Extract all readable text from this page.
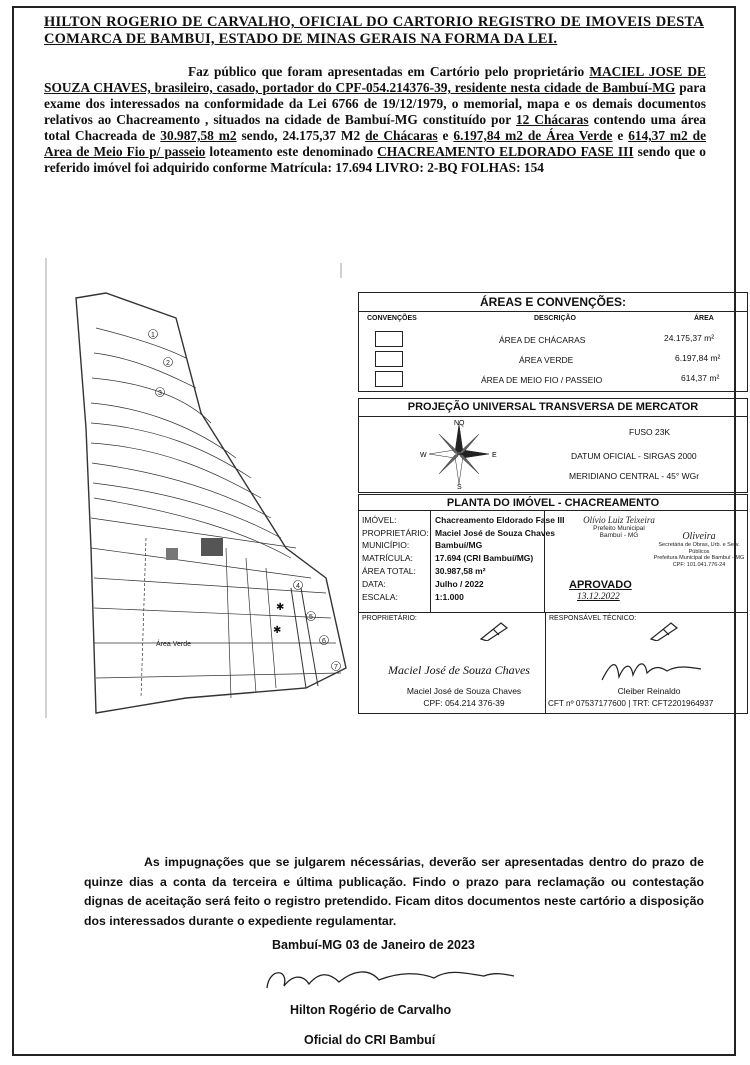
HILTON ROGERIO DE CARVALHO, OFICIAL DO CARTORIO REGISTRO DE IMOVEIS DESTA COMARCA DE BAMBUI, ESTADO DE MINAS GERAIS NA FORMA DA LEI.
Faz público que foram apresentadas em Cartório pelo proprietário MACIEL JOSE DE SOUZA CHAVES, brasileiro, casado, portador do CPF-054.214376-39, residente nesta cidade de Bambuí-MG para exame dos interessados na conformidade da Lei 6766 de 19/12/1979, o memorial, mapa e os demais documentos relativos ao Chacreamento , situados na cidade de Bambuí-MG constituído por 12 Chácaras contendo uma área total Chacreada de 30.987,58 m2 sendo, 24.175,37 M2 de Chácaras e 6.197,84 m2 de Área Verde e 614,37 m2 de Area de Meio Fio p/ passeio loteamento este denominado CHACREAMENTO ELDORADO FASE III sendo que o referido imóvel foi adquirido conforme Matrícula: 17.694 LIVRO: 2-BQ FOLHAS: 154
✱
✱
1
2
3
4
5
6
7
Área Verde
ÁREAS E CONVENÇÕES:
CONVENÇÕES	DESCRIÇÃO	ÁREA
ÁREA DE CHÁCARAS	24.175,37 m²
ÁREA VERDE	6.197,84 m²
ÁREA DE MEIO FIO / PASSEIO	614,37 m²
PROJEÇÃO UNIVERSAL TRANSVERSA DE MERCATOR
NQ
S
E
W
FUSO 23K
DATUM OFICIAL - SIRGAS 2000
MERIDIANO CENTRAL - 45° WGr
PLANTA DO IMÓVEL - CHACREAMENTO
IMÓVEL:	Chacreamento Eldorado Fase III
PROPRIETÁRIO: Maciel José de Souza Chaves
MUNICÍPIO:	Bambuí/MG
MATRÍCULA:	17.694 (CRI Bambuí/MG)
ÁREA TOTAL: 30.987,58 m²
DATA:	Julho / 2022
ESCALA:	1:1.000
APROVADO
13.12.2022
Olívio Luiz Teixeira
Prefeito Municipal
Bambuí - MG	Oliveira
Secretária de Obras, Urb. e Serv. Públicos
Prefeitura Municipal de Bambuí - MG
CPF: 101.041.776-24
PROPRIETÁRIO:	RESPONSÁVEL TÉCNICO:
Maciel José de Souza Chaves
Maciel José de Souza Chaves
CPF: 054.214 376-39
Cleiber Reinaldo
CFT nº 07537177600 | TRT: CFT2201964937
As impugnações que se julgarem nécessárias, deverão ser apresentadas dentro do prazo de quinze dias a conta da terceira e última publicação. Findo o prazo para reclamação ou contestação dignas de aceitação será feito o registro pretendido. Ficam ditos documentos neste cartório a disposição dos interessados durante o expediente regulamentar.
Bambuí-MG 03 de Janeiro de 2023
Hilton Rogério de Carvalho
Oficial do CRI Bambuí
